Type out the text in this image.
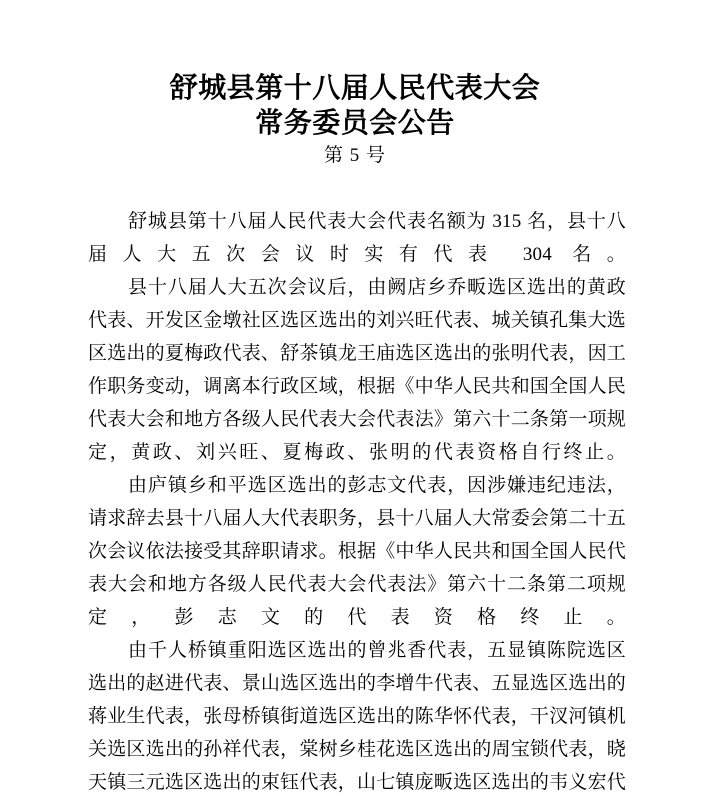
舒城县第十八届人民代表大会
常务委员会公告
第 5 号

舒城县第十八届人民代表大会代表名额为 315 名，县十八届人大五次会议时实有代表 304 名。

县十八届人大五次会议后，由阙店乡乔畈选区选出的黄政代表、开发区金墩社区选区选出的刘兴旺代表、城关镇孔集大选区选出的夏梅政代表、舒茶镇龙王庙选区选出的张明代表，因工作职务变动，调离本行政区域，根据《中华人民共和国全国人民代表大会和地方各级人民代表大会代表法》第六十二条第一项规定，黄政、刘兴旺、夏梅政、张明的代表资格自行终止。

由庐镇乡和平选区选出的彭志文代表，因涉嫌违纪违法，请求辞去县十八届人大代表职务，县十八届人大常委会第二十五次会议依法接受其辞职请求。根据《中华人民共和国全国人民代表大会和地方各级人民代表大会代表法》第六十二条第二项规定，彭志文的代表资格终止。

由千人桥镇重阳选区选出的曾兆香代表，五显镇陈院选区选出的赵进代表、景山选区选出的李增牛代表、五显选区选出的蒋业生代表，张母桥镇街道选区选出的陈华怀代表，干汊河镇机关选区选出的孙祥代表，棠树乡桂花选区选出的周宝锁代表，晓天镇三元选区选出的束钰代表，山七镇庞畈选区选出的韦义宏代
